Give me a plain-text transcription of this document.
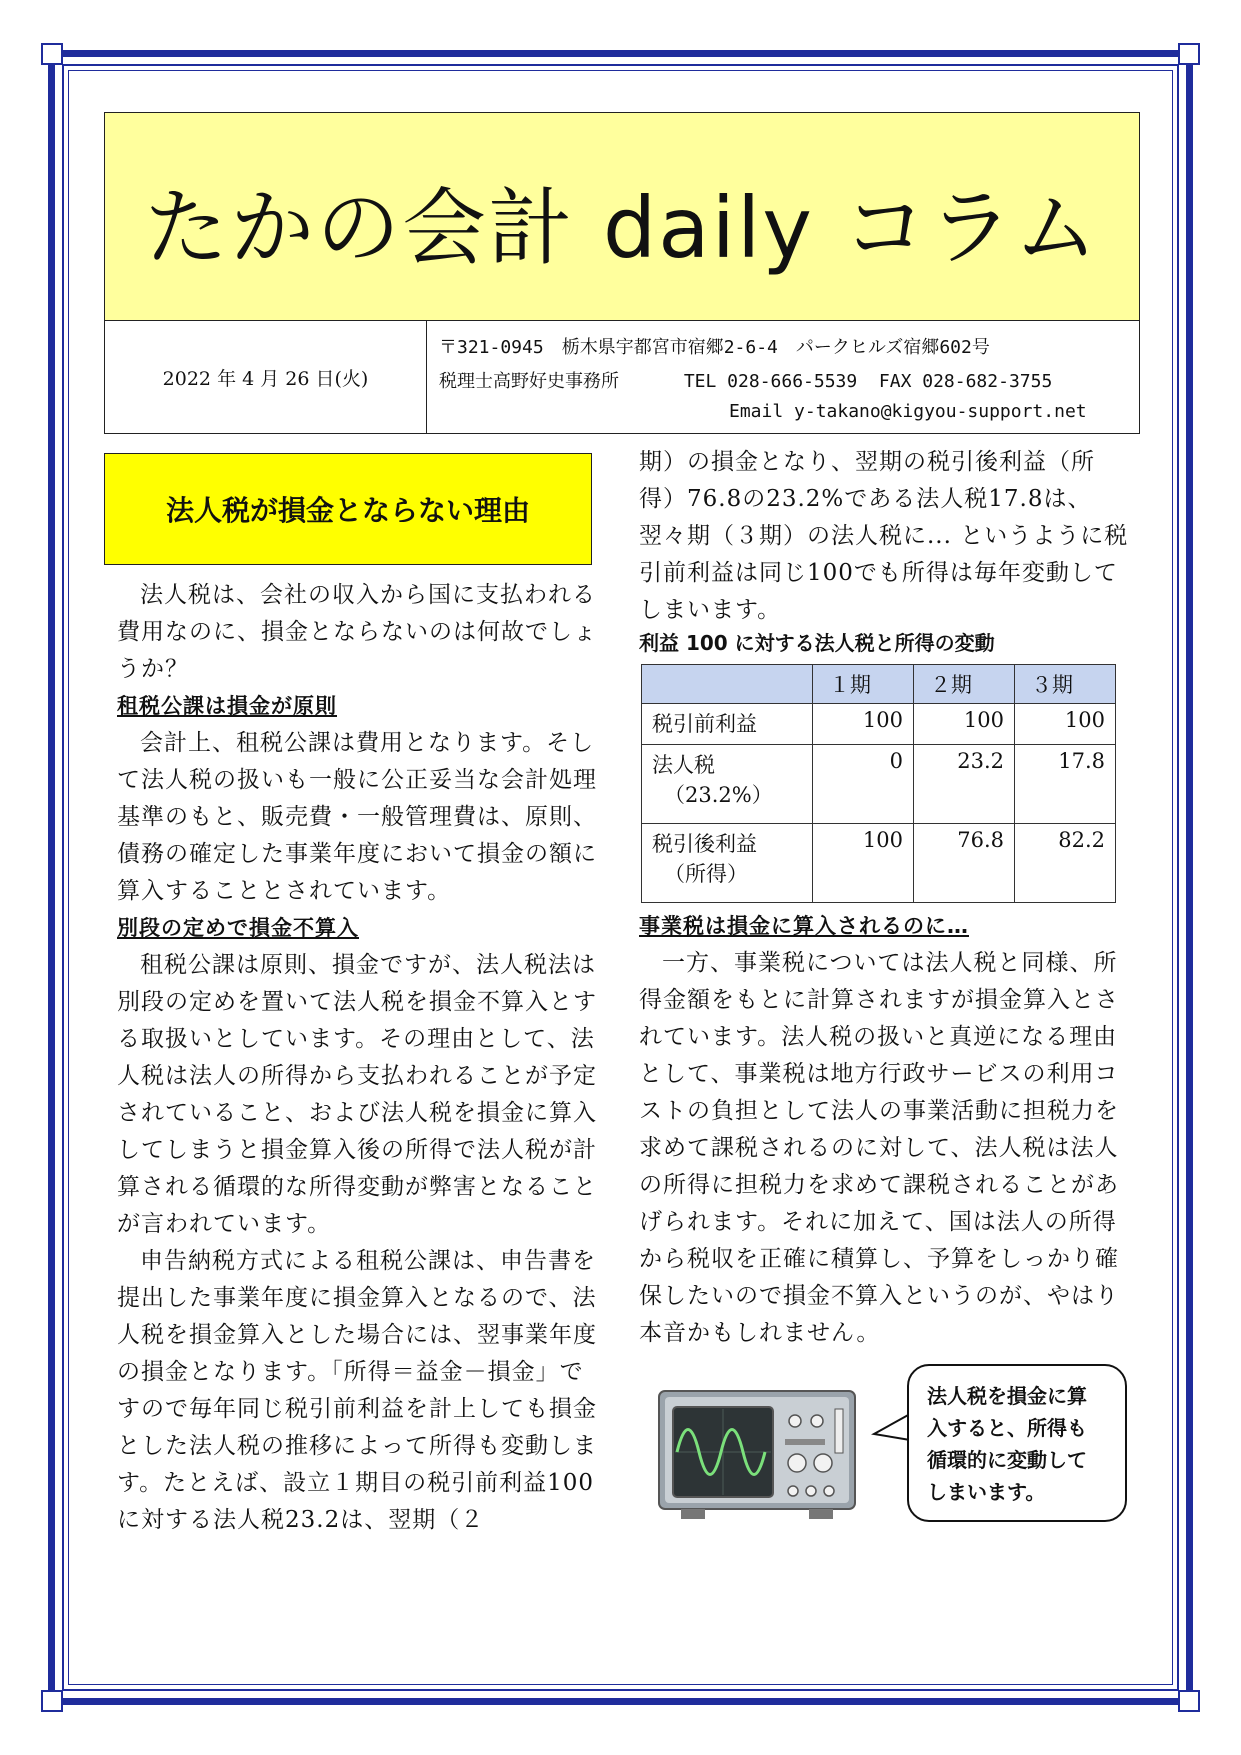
たかの会計 daily コラム
2022 年 4 月 26 日(火)
〒321-0945　栃木県宇都宮市宿郷2-6-4　パークヒルズ宿郷602号
税理士高野好史事務所　　　 TEL 028-666-5539  FAX 028-682-3755
Email y-takano@kigyou-support.net
法人税が損金とならない理由

法人税は、会社の収入から国に支払われる費用なのに、損金とならないのは何故でしょうか？

租税公課は損金が原則

会計上、租税公課は費用となります。そして法人税の扱いも一般に公正妥当な会計処理基準のもと、販売費・一般管理費は、原則、債務の確定した事業年度において損金の額に算入することとされています。

別段の定めで損金不算入

租税公課は原則、損金ですが、法人税法は別段の定めを置いて法人税を損金不算入とする取扱いとしています。その理由として、法人税は法人の所得から支払われることが予定されていること、および法人税を損金に算入してしまうと損金算入後の所得で法人税が計算される循環的な所得変動が弊害となることが言われています。

申告納税方式による租税公課は、申告書を提出した事業年度に損金算入となるので、法人税を損金算入とした場合には、翌事業年度の損金となります。「所得＝益金－損金」ですので毎年同じ税引前利益を計上しても損金とした法人税の推移によって所得も変動します。たとえば、設立１期目の税引前利益100に対する法人税23.2は、翌期（２

期）の損金となり、翌期の税引後利益（所得）76.8の23.2%である法人税17.8は、翌々期（３期）の法人税に... というように税引前利益は同じ100でも所得は毎年変動してしまいます。

利益 100 に対する法人税と所得の変動
	１期	２期	３期
税引前利益	100	100	100
法人税
（23.2%）	0	23.2	17.8
税引後利益
（所得）	100	76.8	82.2

事業税は損金に算入されるのに…

一方、事業税については法人税と同様、所得金額をもとに計算されますが損金算入とされています。法人税の扱いと真逆になる理由として、事業税は地方行政サービスの利用コストの負担として法人の事業活動に担税力を求めて課税されるのに対して、法人税は法人の所得に担税力を求めて課税されることがあげられます。それに加えて、国は法人の所得から税収を正確に積算し、予算をしっかり確保したいので損金不算入というのが、やはり本音かもしれません。

法人税を損金に算
入すると、所得も
循環的に変動して
しまいます。
